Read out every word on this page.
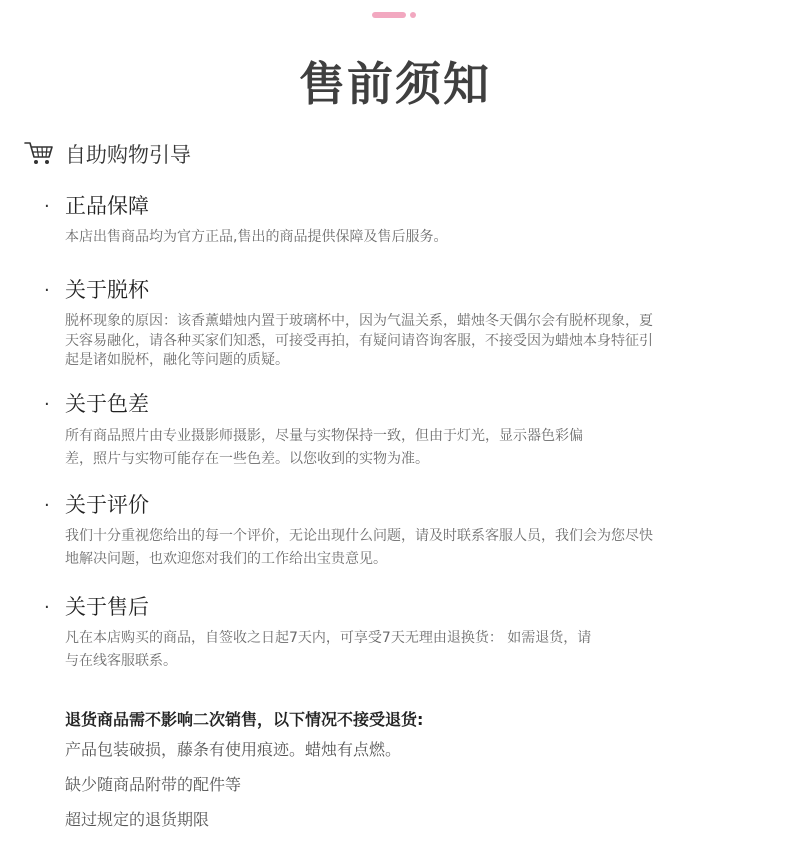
售前须知
自助购物引导
· 正品保障
本店出售商品均为官方正品,售出的商品提供保障及售后服务。
· 关于脱杯
脱杯现象的原因：该香薰蜡烛内置于玻璃杯中，因为气温关系，蜡烛冬天偶尔会有脱杯现象，夏
天容易融化，请各种买家们知悉，可接受再拍，有疑问请咨询客服，不接受因为蜡烛本身特征引
起是诸如脱杯，融化等问题的质疑。
· 关于色差
所有商品照片由专业摄影师摄影，尽量与实物保持一致，但由于灯光，显示器色彩偏
差，照片与实物可能存在一些色差。以您收到的实物为准。
· 关于评价
我们十分重视您给出的每一个评价，无论出现什么问题，请及时联系客服人员，我们会为您尽快
地解决问题，也欢迎您对我们的工作给出宝贵意见。
· 关于售后
凡在本店购买的商品，自签收之日起7天内，可享受7天无理由退换货： 如需退货，请
与在线客服联系。
退货商品需不影响二次销售，以下情况不接受退货:
产品包装破损，藤条有使用痕迹。蜡烛有点燃。
缺少随商品附带的配件等
超过规定的退货期限
